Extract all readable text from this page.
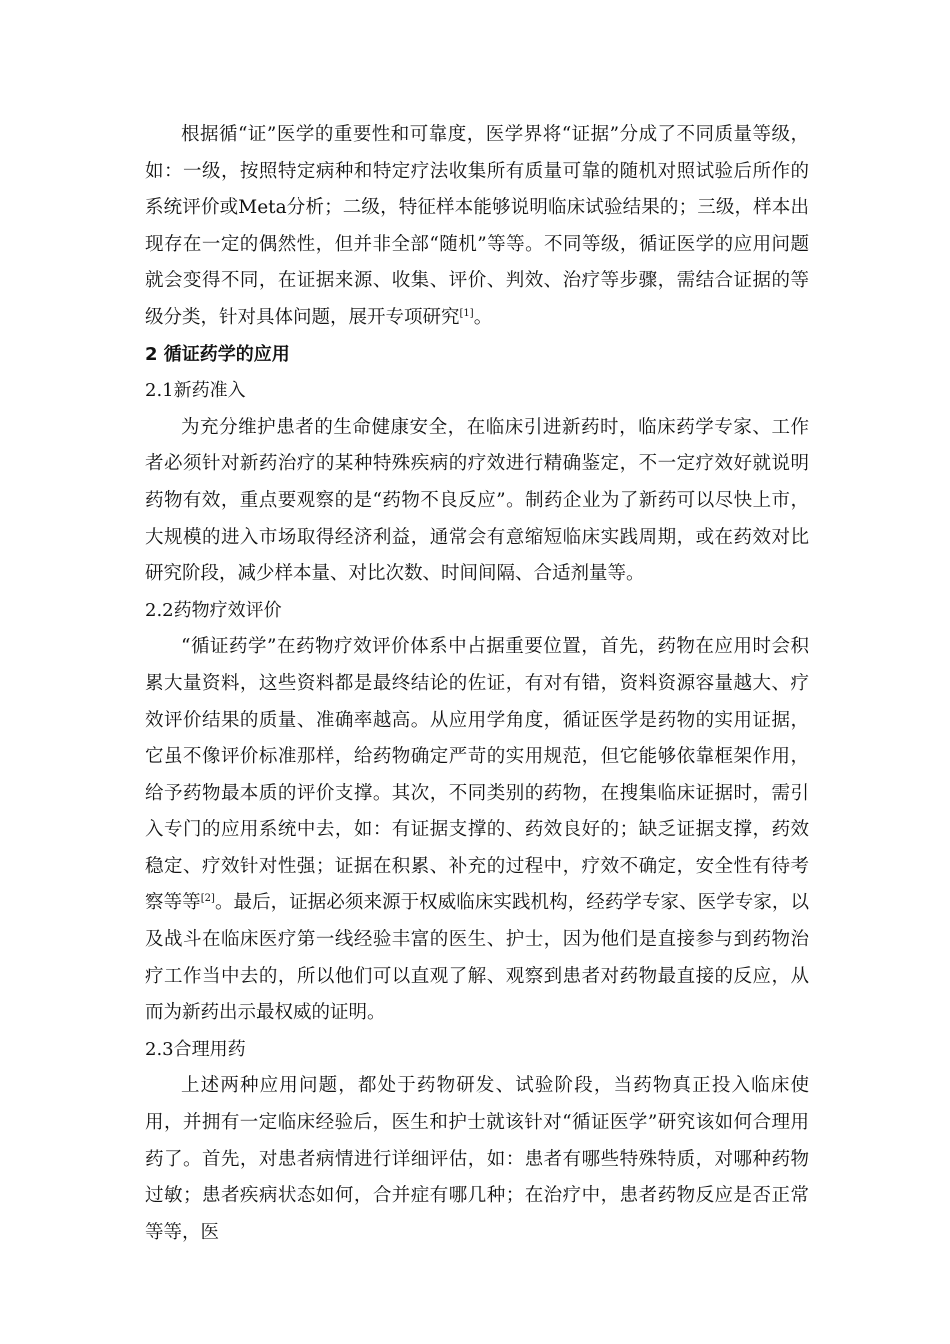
根据循“证”医学的重要性和可靠度，医学界将“证据”分成了不同质量等级，如：一级，按照特定病种和特定疗法收集所有质量可靠的随机对照试验后所作的系统评价或Meta分析；二级，特征样本能够说明临床试验结果的；三级，样本出现存在一定的偶然性，但并非全部“随机”等等。不同等级，循证医学的应用问题就会变得不同，在证据来源、收集、评价、判效、治疗等步骤，需结合证据的等级分类，针对具体问题，展开专项研究[1]。

2 循证药学的应用

2.1新药准入

为充分维护患者的生命健康安全，在临床引进新药时，临床药学专家、工作者必须针对新药治疗的某种特殊疾病的疗效进行精确鉴定，不一定疗效好就说明药物有效，重点要观察的是“药物不良反应”。制药企业为了新药可以尽快上市，大规模的进入市场取得经济利益，通常会有意缩短临床实践周期，或在药效对比研究阶段，减少样本量、对比次数、时间间隔、合适剂量等。

2.2药物疗效评价

“循证药学”在药物疗效评价体系中占据重要位置，首先，药物在应用时会积累大量资料，这些资料都是最终结论的佐证，有对有错，资料资源容量越大、疗效评价结果的质量、准确率越高。从应用学角度，循证医学是药物的实用证据，它虽不像评价标准那样，给药物确定严苛的实用规范，但它能够依靠框架作用，给予药物最本质的评价支撑。其次，不同类别的药物，在搜集临床证据时，需引入专门的应用系统中去，如：有证据支撑的、药效良好的；缺乏证据支撑，药效稳定、疗效针对性强；证据在积累、补充的过程中，疗效不确定，安全性有待考察等等[2]。最后，证据必须来源于权威临床实践机构，经药学专家、医学专家，以及战斗在临床医疗第一线经验丰富的医生、护士，因为他们是直接参与到药物治疗工作当中去的，所以他们可以直观了解、观察到患者对药物最直接的反应，从而为新药出示最权威的证明。

2.3合理用药

上述两种应用问题，都处于药物研发、试验阶段，当药物真正投入临床使用，并拥有一定临床经验后，医生和护士就该针对“循证医学”研究该如何合理用药了。首先，对患者病情进行详细评估，如：患者有哪些特殊特质，对哪种药物过敏；患者疾病状态如何，合并症有哪几种；在治疗中，患者药物反应是否正常等等，医
